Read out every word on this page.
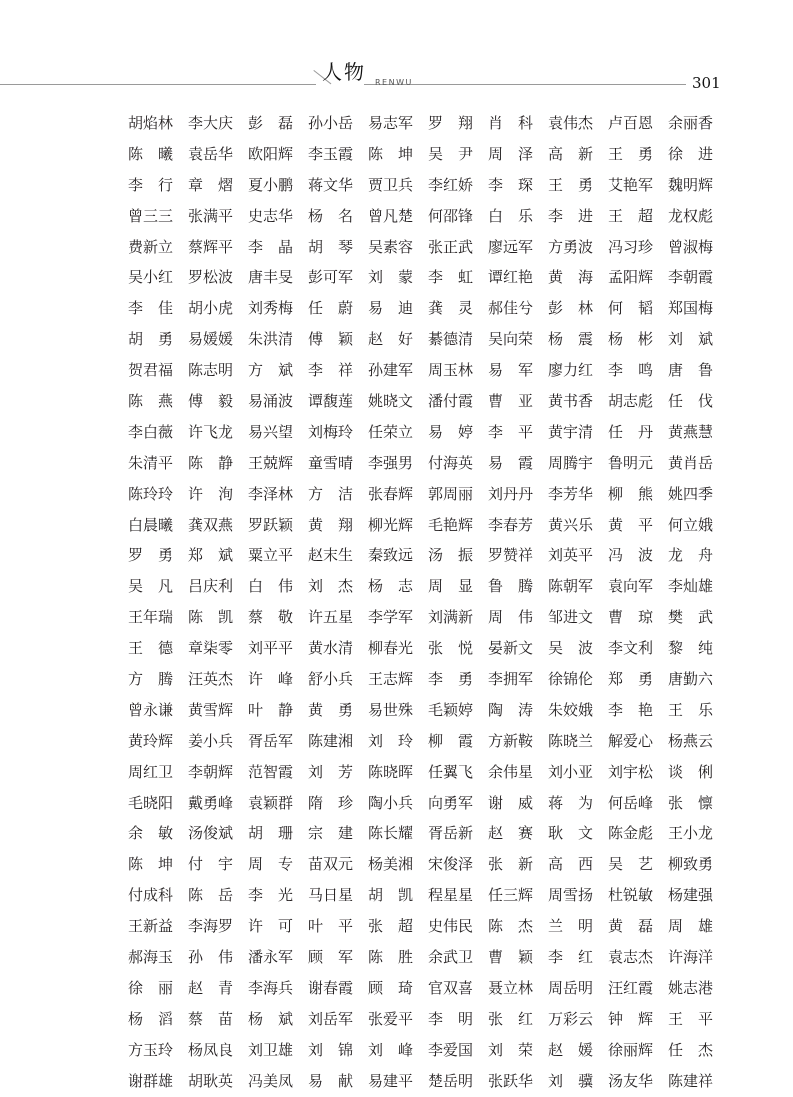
人物 RENWU	301
胡焰林 李大庆 彭　磊 孙小岳 易志军 罗　翔 肖　科 袁伟杰 卢百恩 余丽香
陈　曦 袁岳华 欧阳辉 李玉霞 陈　坤 吴　尹 周　泽 高　新 王　勇 徐　进
李　行 章　熠 夏小鹏 蒋文华 贾卫兵 李红娇 李　琛 王　勇 艾艳军 魏明辉
曾三三 张满平 史志华 杨　名 曾凡楚 何邵锋 白　乐 李　进 王　超 龙权彪
费新立 蔡辉平 李　晶 胡　琴 吴素容 张正武 廖远军 方勇波 冯习珍 曾淑梅
吴小红 罗松波 唐丰旻 彭可军 刘　蒙 李　虹 谭红艳 黄　海 孟阳辉 李朝霞
李　佳 胡小虎 刘秀梅 任　蔚 易　迪 龚　灵 郝佳兮 彭　林 何　韬 郑国梅
胡　勇 易媛媛 朱洪清 傅　颖 赵　好 綦德清 吴向荣 杨　震 杨　彬 刘　斌
贺君福 陈志明 方　斌 李　祥 孙建军 周玉林 易　军 廖力红 李　鸣 唐　鲁
陈　燕 傅　毅 易涌波 谭馥莲 姚晓文 潘付霞 曹　亚 黄书香 胡志彪 任　伐
李白薇 许飞龙 易兴望 刘梅玲 任荣立 易　婷 李　平 黄宇清 任　丹 黄燕慧
朱清平 陈　静 王兢辉 童雪晴 李强男 付海英 易　霞 周腾宇 鲁明元 黄肖岳
陈玲玲 许　洵 李泽林 方　洁 张春辉 郭周丽 刘丹丹 李芳华 柳　熊 姚四季
白晨曦 龚双燕 罗跃颖 黄　翔 柳光辉 毛艳辉 李春芳 黄兴乐 黄　平 何立娥
罗　勇 郑　斌 粟立平 赵末生 秦致远 汤　振 罗赞祥 刘英平 冯　波 龙　舟
吴　凡 吕庆利 白　伟 刘　杰 杨　志 周　显 鲁　腾 陈朝军 袁向军 李灿雄
王年瑞 陈　凯 蔡　敬 许五星 李学军 刘满新 周　伟 邹进文 曹　琼 樊　武
王　德 章柒零 刘平平 黄水清 柳春光 张　悦 晏新文 吴　波 李文利 黎　纯
方　腾 汪英杰 许　峰 舒小兵 王志辉 李　勇 李拥军 徐锦伦 郑　勇 唐勤六
曾永谦 黄雪辉 叶　静 黄　勇 易世殊 毛颖婷 陶　涛 朱姣娥 李　艳 王　乐
黄玲辉 姜小兵 胥岳军 陈建湘 刘　玲 柳　霞 方新鞍 陈晓兰 解爱心 杨燕云
周红卫 李朝辉 范智霞 刘　芳 陈晓晖 任翼飞 余伟星 刘小亚 刘宇松 谈　俐
毛晓阳 戴勇峰 袁颖群 隋　珍 陶小兵 向勇军 谢　威 蒋　为 何岳峰 张　懔
余　敏 汤俊斌 胡　珊 宗　建 陈长耀 胥岳新 赵　赛 耿　文 陈金彪 王小龙
陈　坤 付　宇 周　专 苗双元 杨美湘 宋俊泽 张　新 高　西 吴　艺 柳致勇
付成科 陈　岳 李　光 马日星 胡　凯 程星星 任三辉 周雪扬 杜锐敏 杨建强
王新益 李海罗 许　可 叶　平 张　超 史伟民 陈　杰 兰　明 黄　磊 周　雄
郝海玉 孙　伟 潘永军 顾　军 陈　胜 余武卫 曹　颖 李　红 袁志杰 许海洋
徐　丽 赵　青 李海兵 谢春霞 顾　琦 官双喜 聂立林 周岳明 汪红霞 姚志港
杨　滔 蔡　苗 杨　斌 刘岳军 张爱平 李　明 张　红 万彩云 钟　辉 王　平
方玉玲 杨凤良 刘卫雄 刘　锦 刘　峰 李爱国 刘　荣 赵　媛 徐丽辉 任　杰
谢群雄 胡耿英 冯美凤 易　献 易建平 楚岳明 张跃华 刘　骥 汤友华 陈建祥
